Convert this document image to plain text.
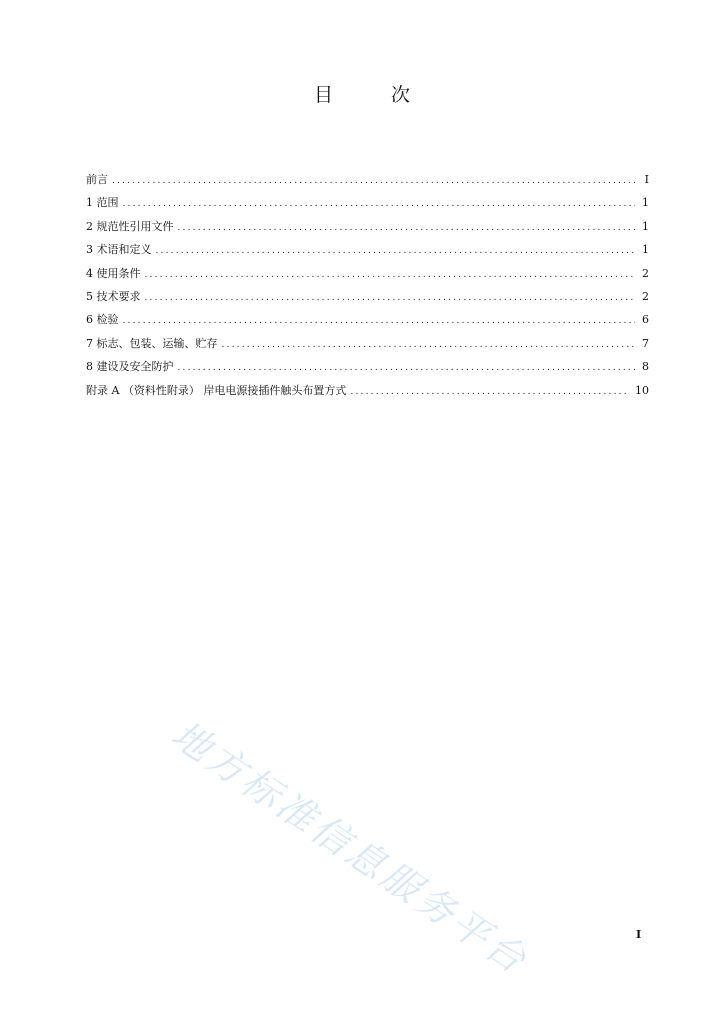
目 次
前言 .....	I
1 范围 .....	1
2 规范性引用文件 .....	1
3 术语和定义 .....	1
4 使用条件 .....	2
5 技术要求 .....	2
6 检验 .....	6
7 标志、包装、运输、贮存 .....	7
8 建设及安全防护 .....	8
附录 A （资料性附录） 岸电电源接插件触头布置方式 .....	10
地方标准信息服务平台	I
